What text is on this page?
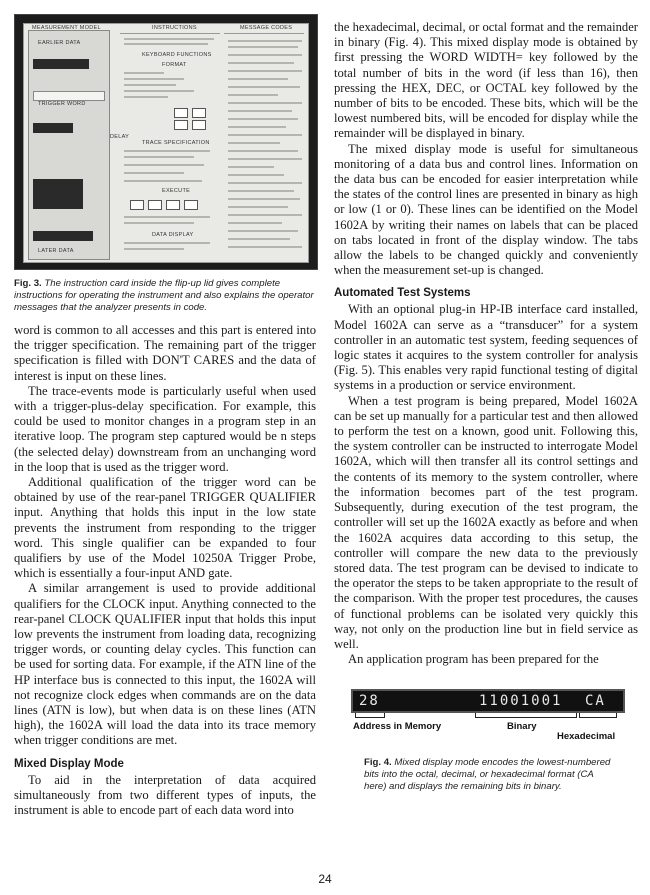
MEASUREMENT MODEL
EARLIER DATA
TRIGGER WORD
DELAY
LATER DATA
INSTRUCTIONS
KEYBOARD FUNCTIONS
FORMAT
TRACE SPECIFICATION
EXECUTE
DATA DISPLAY
MESSAGE CODES
Fig. 3. The instruction card inside the flip-up lid gives complete instructions for operating the instrument and also explains the operator messages that the analyzer presents in code.

word is common to all accesses and this part is entered into the trigger specification. The remaining part of the trigger specification is filled with DON'T CARES and the data of interest is input on these lines.

The trace-events mode is particularly useful when used with a trigger-plus-delay specification. For example, this could be used to monitor changes in a program step in an iterative loop. The program step captured would be n steps (the selected delay) downstream from an unchanging word in the loop that is used as the trigger word.

Additional qualification of the trigger word can be obtained by use of the rear-panel TRIGGER QUALIFIER input. Anything that holds this input in the low state prevents the instrument from responding to the trigger word. This single qualifier can be expanded to four qualifiers by use of the Model 10250A Trigger Probe, which is essentially a four-input AND gate.

A similar arrangement is used to provide additional qualifiers for the CLOCK input. Anything connected to the rear-panel CLOCK QUALIFIER input that holds this input low prevents the instrument from loading data, recognizing trigger words, or counting delay cycles. This function can be used for sorting data. For example, if the ATN line of the HP interface bus is connected to this input, the 1602A will not recognize clock edges when commands are on the data lines (ATN is low), but when data is on these lines (ATN high), the 1602A will load the data into its trace memory when trigger conditions are met.

Mixed Display Mode

To aid in the interpretation of data acquired simultaneously from two different types of inputs, the instrument is able to encode part of each data word into

the hexadecimal, decimal, or octal format and the remainder in binary (Fig. 4). This mixed display mode is obtained by first pressing the WORD WIDTH= key followed by the total number of bits in the word (if less than 16), then pressing the HEX, DEC, or OCTAL key followed by the number of bits to be encoded. These bits, which will be the lowest numbered bits, will be encoded for display while the remainder will be displayed in binary.

The mixed display mode is useful for simultaneous monitoring of a data bus and control lines. Information on the data bus can be encoded for easier interpretation while the states of the control lines are presented in binary as high or low (1 or 0). These lines can be identified on the Model 1602A by writing their names on labels that can be placed on tabs located in front of the display window. The tabs allow the labels to be changed quickly and conveniently when the measurement set-up is changed.

Automated Test Systems

With an optional plug-in HP-IB interface card installed, Model 1602A can serve as a “transducer” for a system controller in an automatic test system, feeding sequences of logic states it acquires to the system controller for analysis (Fig. 5). This enables very rapid functional testing of digital systems in a production or service environment.

When a test program is being prepared, Model 1602A can be set up manually for a particular test and then allowed to perform the test on a known, good unit. Following this, the system controller can be instructed to interrogate Model 1602A, which will then transfer all its control settings and the contents of its memory to the system controller, where the information becomes part of the test program. Subsequently, during execution of the test program, the controller will set up the 1602A exactly as before and when the 1602A acquires data according to this setup, the controller will compare the new data to the previously stored data. The test program can be devised to indicate to the operator the steps to be taken appropriate to the result of the comparison. With the proper test procedures, the causes of functional problems can be isolated very quickly this way, not only on the production line but in field service as well.

An application program has been prepared for the

28	11001001 CA
Address in Memory	Binary
Hexadecimal
Fig. 4. Mixed display mode encodes the lowest-numbered bits into the octal, decimal, or hexadecimal format (CA here) and displays the remaining bits in binary.
24
